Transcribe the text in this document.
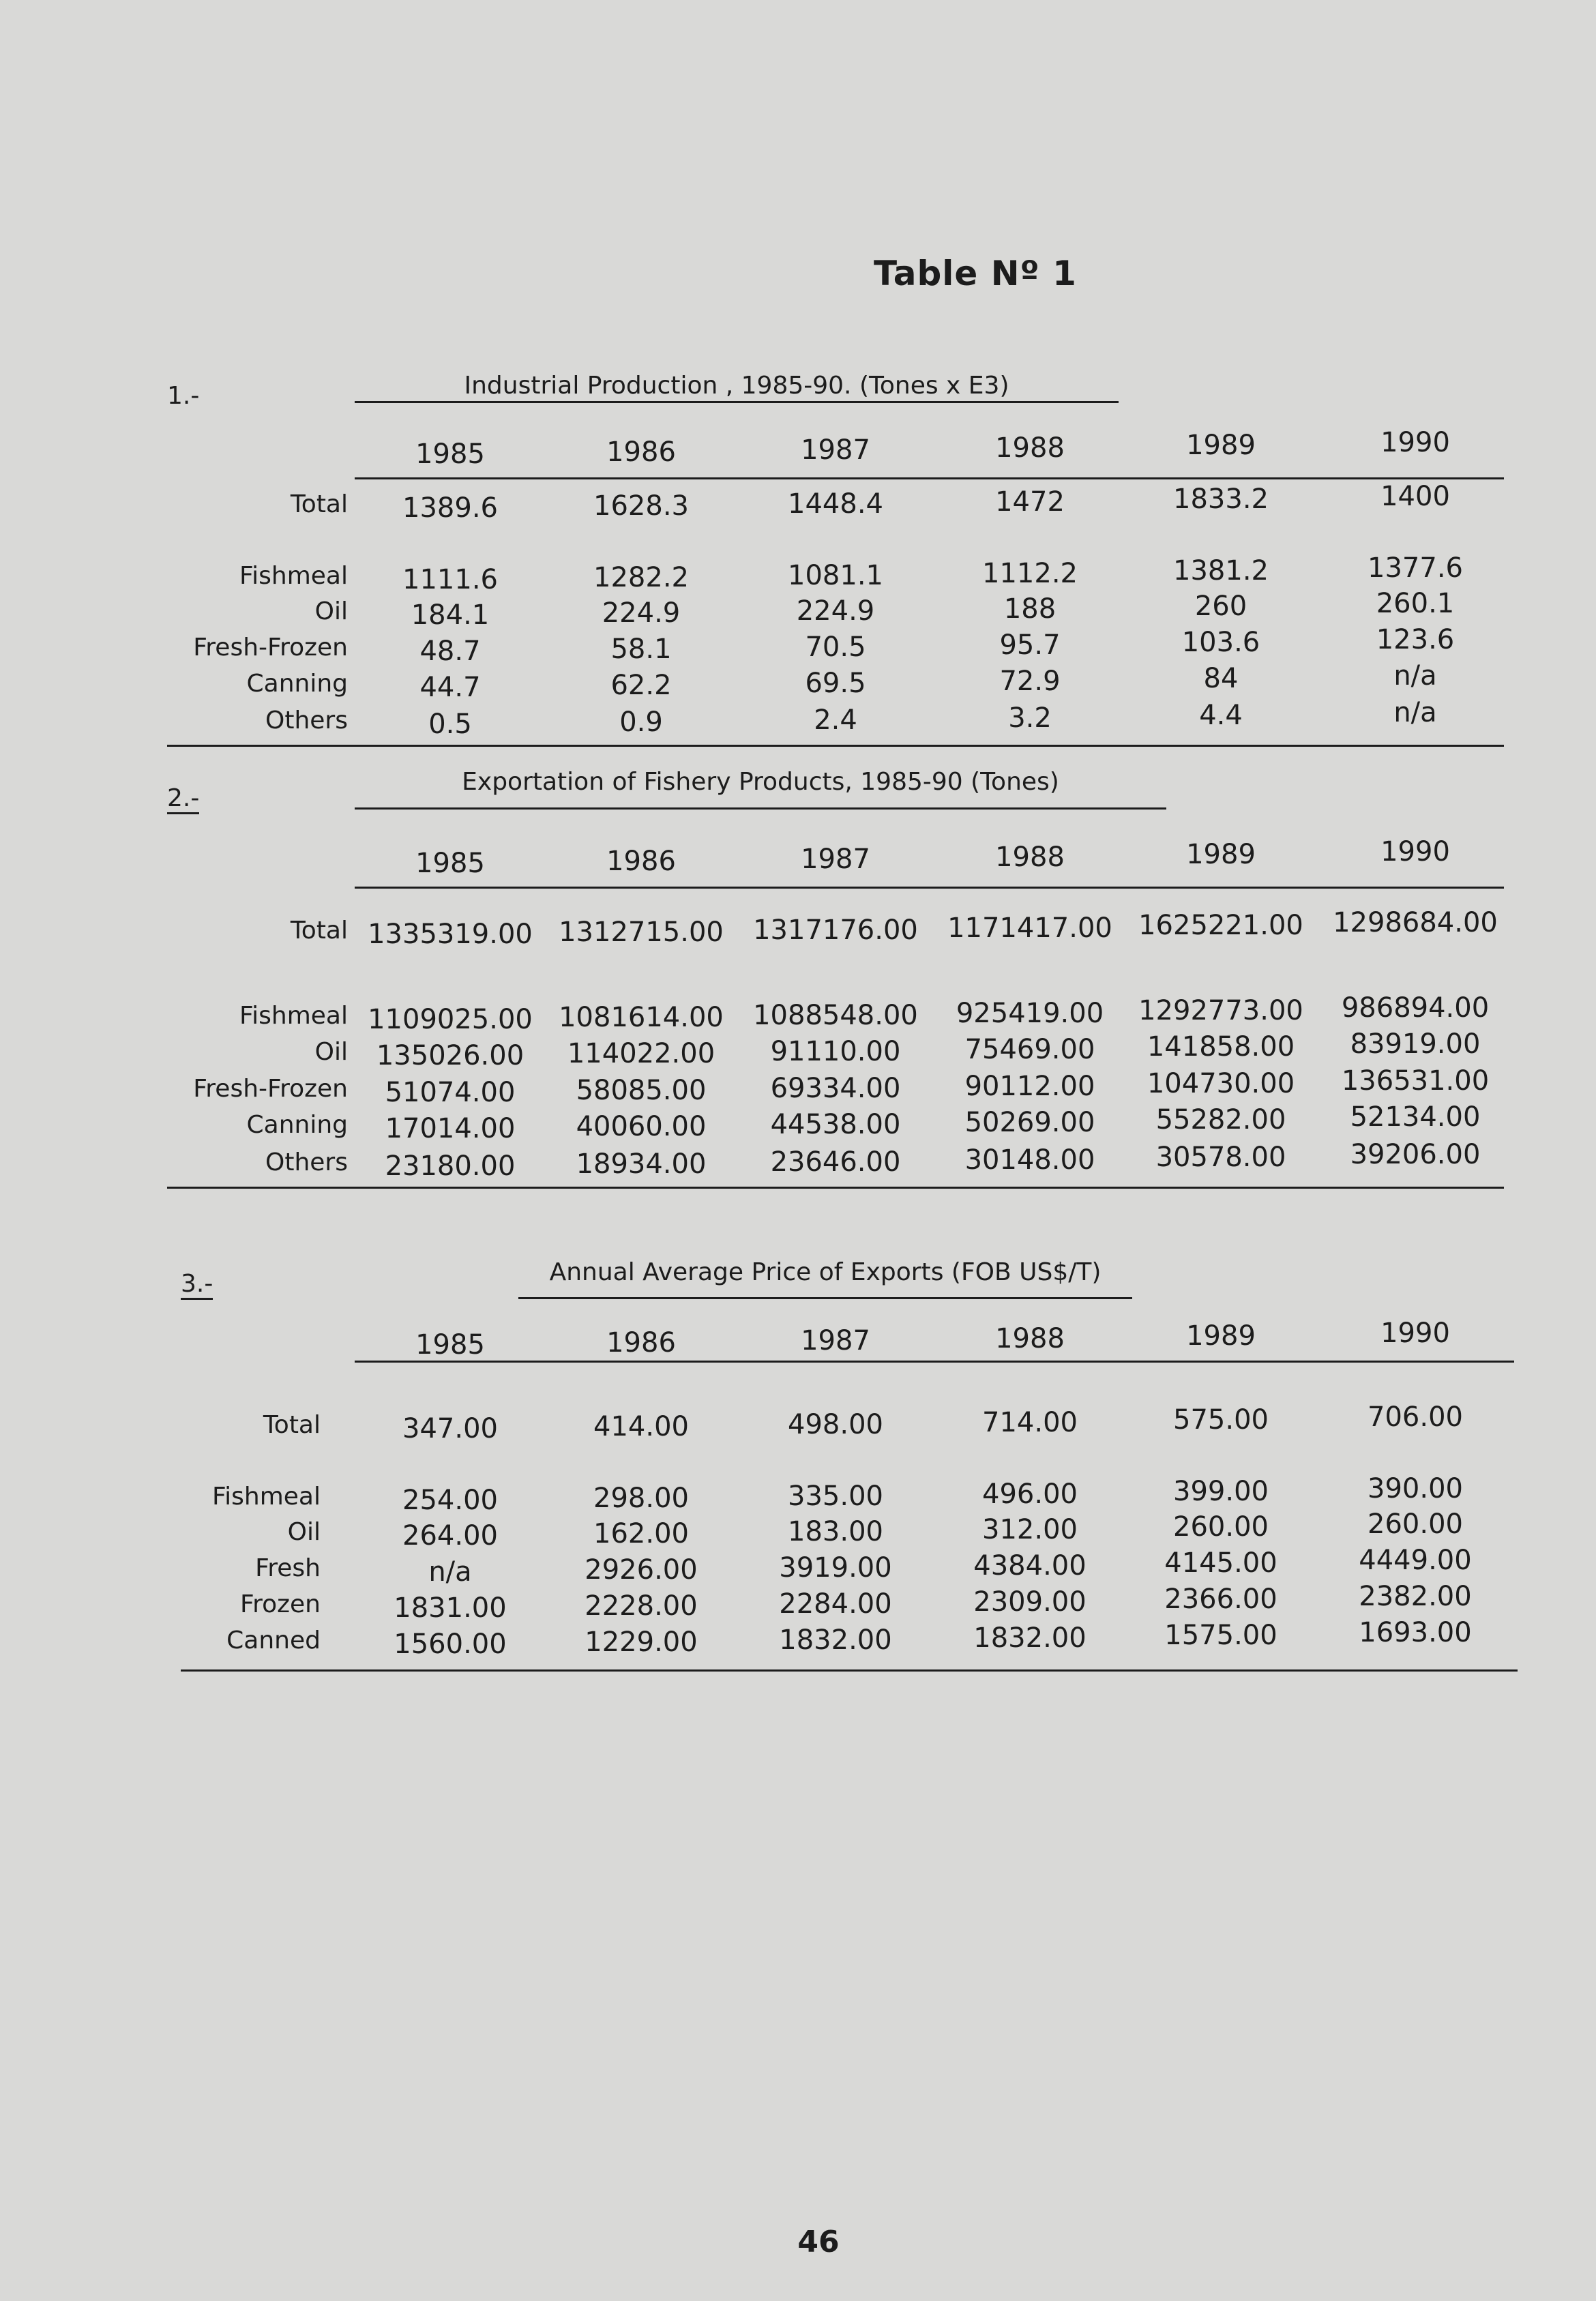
Table Nº 1
1.-	Industrial Production , 1985-90. (Tones x E3)
1985	1986	1987	1988	1989	1990
Total	1389.6	1628.3	1448.4	1472	1833.2	1400
Fishmeal	1111.6	1282.2	1081.1	1112.2	1381.2	1377.6
Oil	184.1	224.9	224.9	188	260	260.1
Fresh-Frozen	48.7	58.1	70.5	95.7	103.6	123.6
Canning	44.7	62.2	69.5	72.9	84	n/a
Others	0.5	0.9	2.4	3.2	4.4	n/a
2.-
Exportation of Fishery Products, 1985-90 (Tones)
1985	1986	1987	1988	1989	1990
Total 1335319.00 1312715.00 1317176.00 1171417.00 1625221.00 1298684.00
Fishmeal 1109025.00 1081614.00 1088548.00	925419.00	1292773.00	986894.00
Oil	135026.00	114022.00	91110.00	75469.00	141858.00	83919.00
Fresh-Frozen	51074.00	58085.00	69334.00	90112.00	104730.00	136531.00
Canning	17014.00	40060.00	44538.00	50269.00	55282.00	52134.00
Others	23180.00	18934.00	23646.00	30148.00	30578.00	39206.00
3.-	Annual Average Price of Exports (FOB US$/T)
1985	1986	1987	1988	1989	1990
Total	347.00	414.00	498.00	714.00	575.00	706.00
Fishmeal	254.00	298.00	335.00	496.00	399.00	390.00
Oil	264.00	162.00	183.00	312.00	260.00	260.00
Fresh	n/a	2926.00	3919.00	4384.00	4145.00	4449.00
Frozen	1831.00	2228.00	2284.00	2309.00	2366.00	2382.00
Canned	1560.00	1229.00	1832.00	1832.00	1575.00	1693.00
46
